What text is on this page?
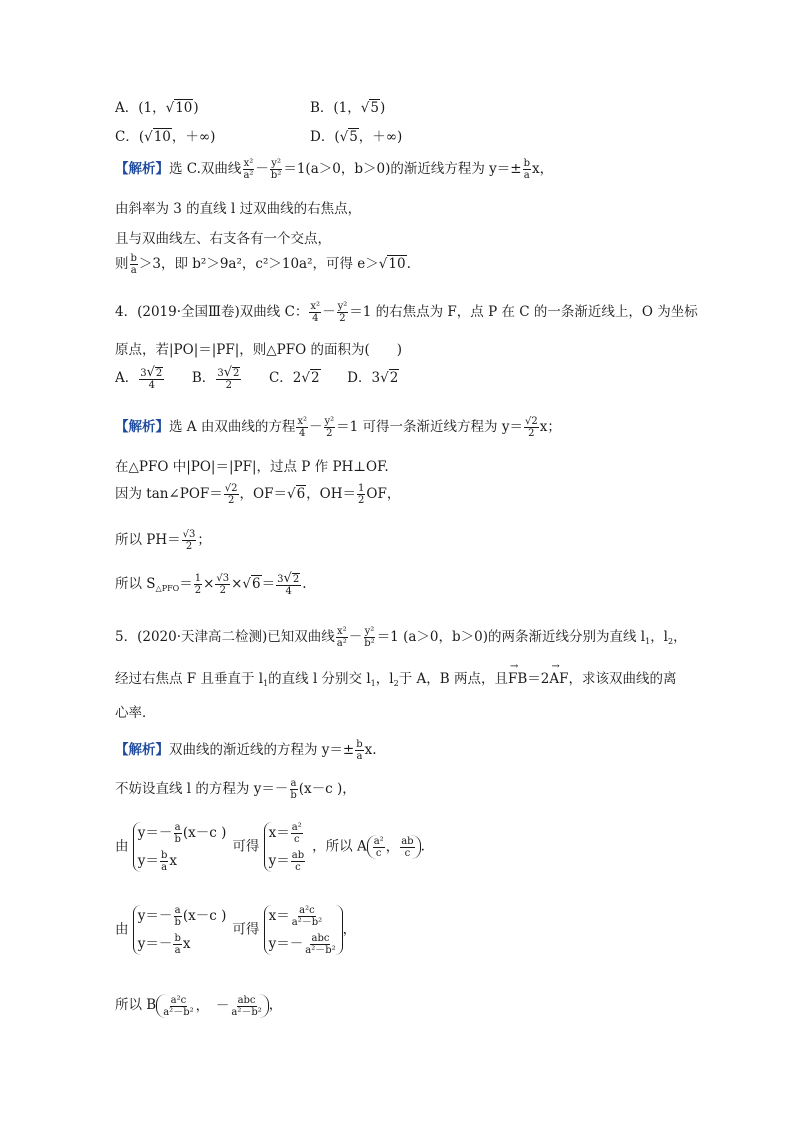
A．(1，√10)	B．(1，√5)
C．(√10，＋∞)	D．(√5，＋∞)
【解析】选 C.双曲线 $\frac{\text{x²}}{\text{a²}} - \frac{\text{y²}}{\text{b²}} =1(a>0$，b＞0)的渐近线方程为 $y=\pm \frac{b}{a}$ x，
由斜率为 3 的直线 l 过双曲线的右焦点，
且与双曲线左、右支各有一个交点，
则 $\frac{b}{a} >3$，即 b²＞9a²，c²＞10a²，可得 e＞√10.
4．(2019·全国Ⅲ卷)双曲线 C： $\frac{\text{x²}}{4} - \frac{\text{y²}}{2} =1$ 的右焦点为 F，点 P 在 C 的一条渐近线上，O 为坐标
原点，若|PO|＝|PF|，则△PFO 的面积为(　　)
A． $\frac{3√2}{4}$ B． $\frac{3√2}{2}$ C．2√2 D．3√2
【解析】选 A 由双曲线的方程 $\frac{\text{x²}}{4} - \frac{\text{y²}}{2} =1$ 可得一条渐近线方程为 $y= \frac{√2}{2}$ x；
在△PFO 中|PO|＝|PF|，过点 P 作 PH⊥OF.
因为 tan∠POF＝ $\frac{√2}{2}$ ，OF＝√6，$OH= \frac{1}{2}$ OF，
所以 $PH= \frac{√3}{2}$ ；
所以 $S_{\triangle PFO}= \frac{1}{2} \times \frac{√3}{2} \times√6= \frac{3√2}{4}$ .
5．(2020·天津高二检测)已知双曲线 $\frac{\text{x²}}{\text{a²}} - \frac{\text{y²}}{\text{b²}} =1$ (a＞0，b＞0)的两条渐近线分别为直线 $l_1$，$l_2$，
经过右焦点 F 且垂直于 $l_1$的直线 l 分别交 $l_1$，$l_2$于 A，B 两点，且→ FB＝2→ AF，求该双曲线的离
心率．
【解析】双曲线的渐近线的方程为 $y=\pm \frac{b}{a} x$.
不妨设直线 l 的方程为 $y=- \frac{a}{b} (x-c$ )，
由
$y=- \frac{a}{b} (x-c$ )
$y= \frac{b}{a}$ x
可得
$x= \frac{\text{a²}}{c}$
$y= \frac{ab}{c}$
，所以 A $\frac{\text{a²}}{c}$ ， $\frac{ab}{c}$ .
由
$y=- \frac{a}{b} (x-c$ )
$y=- \frac{b}{a}$ x
可得
$x= \frac{\text{a²c}}{\text{a²－b²}}$
$y=- \frac{\text{abc}}{\text{a²－b²}}$
，
所以 B $\frac{\text{a²c}}{\text{a²－b²}}$ ，　－ $\frac{\text{abc}}{\text{a²－b²}}$ ，
